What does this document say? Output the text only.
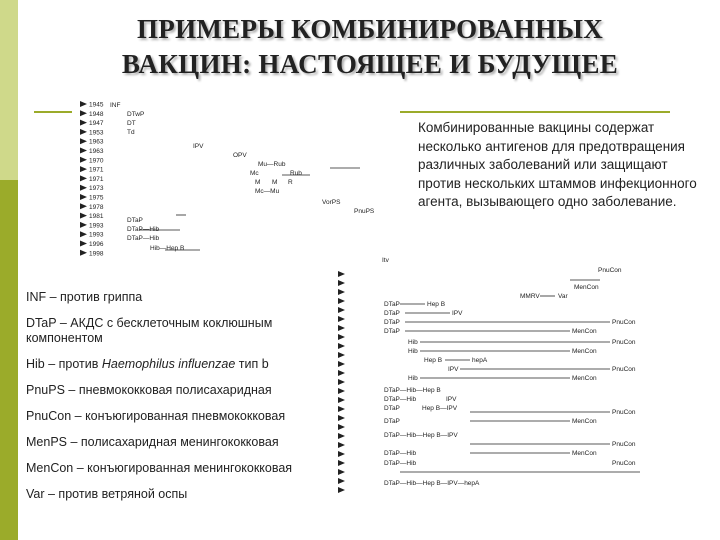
ПРИМЕРЫ КОМБИНИРОВАННЫХ
ВАКЦИН: НАСТОЯЩЕЕ И БУДУЩЕЕ
Комбинированные вакцины содержат несколько антигенов для предотвращения различных заболеваний или защищают против нескольких штаммов инфекционного агента, вызывающего одно заболевание.
INF – против гриппа
DTaP – АКДС с бесклеточным коклюшным компонентом
Hib – против Haemophilus influenzae тип b
PnuPS – пневмококковая полисахаридная
PnuCon – конъюгированная пневмококковая
MenPS – полисахаридная менингококковая
MenCon – конъюгированная менингококковая
Var – против ветряной оспы
1945
1948
1947
1953
1963
1963
1970
1971
1971
1973
1975
1978
1981
1993
1993
1996
1998
INF
DTwP
DT
Td
IPV
OPV
Mu—Rub
Mc	Rub
M M R
Mc—Mu
VorPS
PnuPS
DTaP
DTaP—Hib
DTaP—Hib
Hib—Hep B
Itv
PnuCon
MenCon
MMRV	Var
DTaP	Hep B
DTaP	IPV
DTaP	PnuCon
DTaP	MenCon
Hib	PnuCon
Hib	MenCon
Hep B	hepA
IPV	PnuCon
Hib	MenCon
DTaP—Hib—Hep B
DTaP—Hib	IPV
DTaP	Hep B—IPV
PnuCon
DTaP	MenCon
DTaP—Hib—Hep B—IPV
PnuCon
DTaP—Hib	MenCon
DTaP—Hib	PnuCon
DTaP—Hib—Hep B—IPV—hepA
